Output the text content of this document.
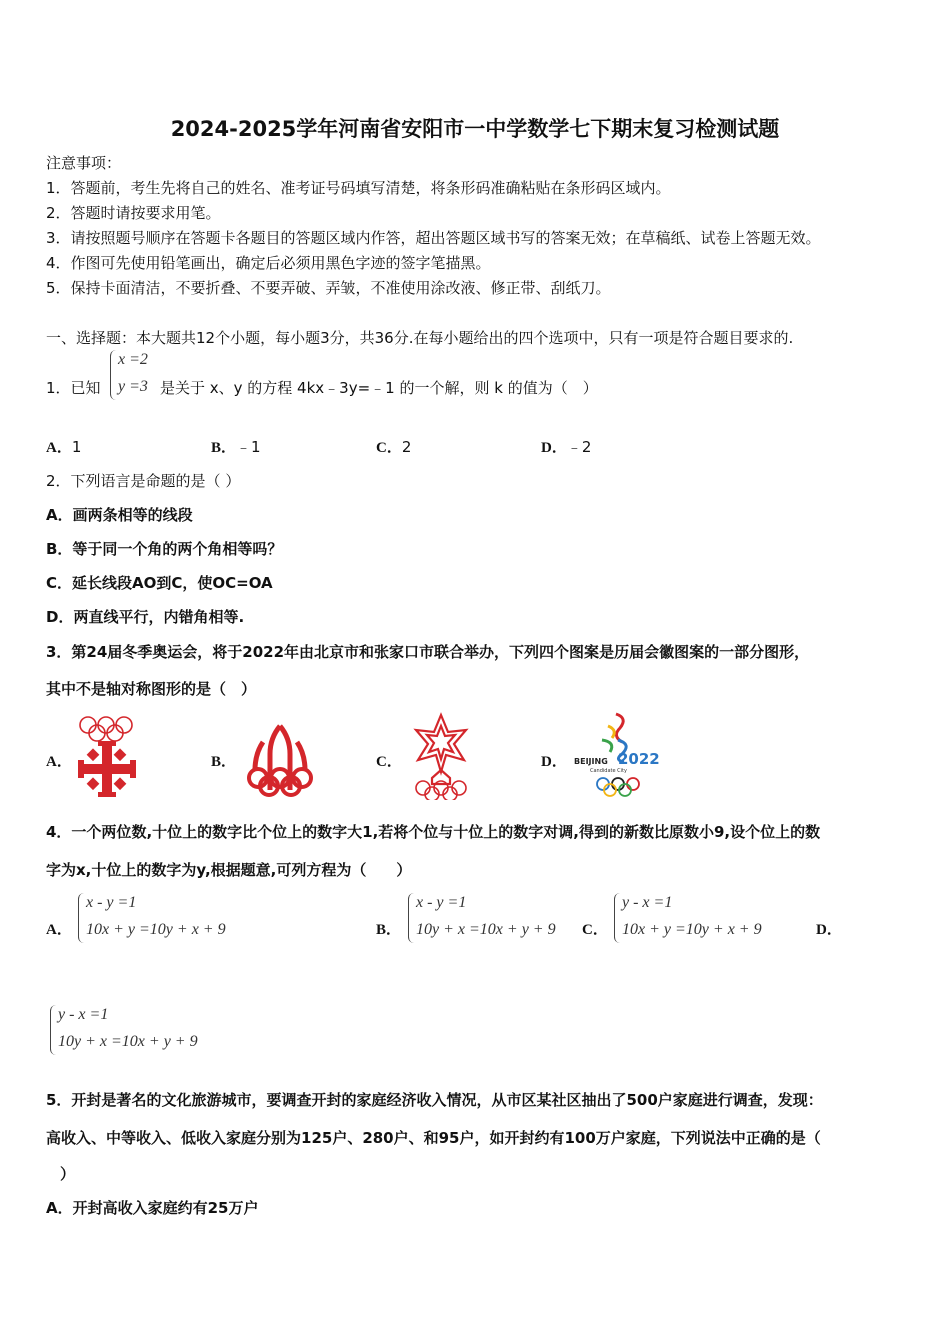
2024-2025学年河南省安阳市一中学数学七下期末复习检测试题
注意事项：
1．答题前，考生先将自己的姓名、准考证号码填写清楚，将条形码准确粘贴在条形码区域内。
2．答题时请按要求用笔。
3．请按照题号顺序在答题卡各题目的答题区域内作答，超出答题区域书写的答案无效；在草稿纸、试卷上答题无效。
4．作图可先使用铅笔画出，确定后必须用黑色字迹的签字笔描黑。
5．保持卡面清洁，不要折叠、不要弄破、弄皱，不准使用涂改液、修正带、刮纸刀。
一、选择题：本大题共12个小题，每小题3分，共36分.在每小题给出的四个选项中，只有一项是符合题目要求的.
1．已知
x =2
y =3 是关于 x、y 的方程 4kx﹣3y=﹣1 的一个解，则 k 的值为（　）
A．1	B．﹣1	C．2	D．﹣2
2．下列语言是命题的是（ ）
A．画两条相等的线段
B．等于同一个角的两个角相等吗？
C．延长线段AO到C，使OC=OA
D．两直线平行，内错角相等.
3．第24届冬季奥运会，将于2022年由北京市和张家口市联合举办，下列四个图案是历届会徽图案的一部分图形，
其中不是轴对称图形的是（　）
A．	B．	C．	D． BEIJING 2022
Candidate City
4．一个两位数,十位上的数字比个位上的数字大1,若将个位与十位上的数字对调,得到的新数比原数小9,设个位上的数
字为x,十位上的数字为y,根据题意,可列方程为（　　）
A．
x - y =1
10x + y =10y + x + 9	B．
x - y =1
10y + x =10x + y + 9 C．
y - x =1
10x + y =10y + x + 9	D．
y - x =1
10y + x =10x + y + 9
5．开封是著名的文化旅游城市，要调查开封的家庭经济收入情况，从市区某社区抽出了500户家庭进行调查，发现：
高收入、中等收入、低收入家庭分别为125户、280户、和95户，如开封约有100万户家庭，下列说法中正确的是（
）
A．开封高收入家庭约有25万户
